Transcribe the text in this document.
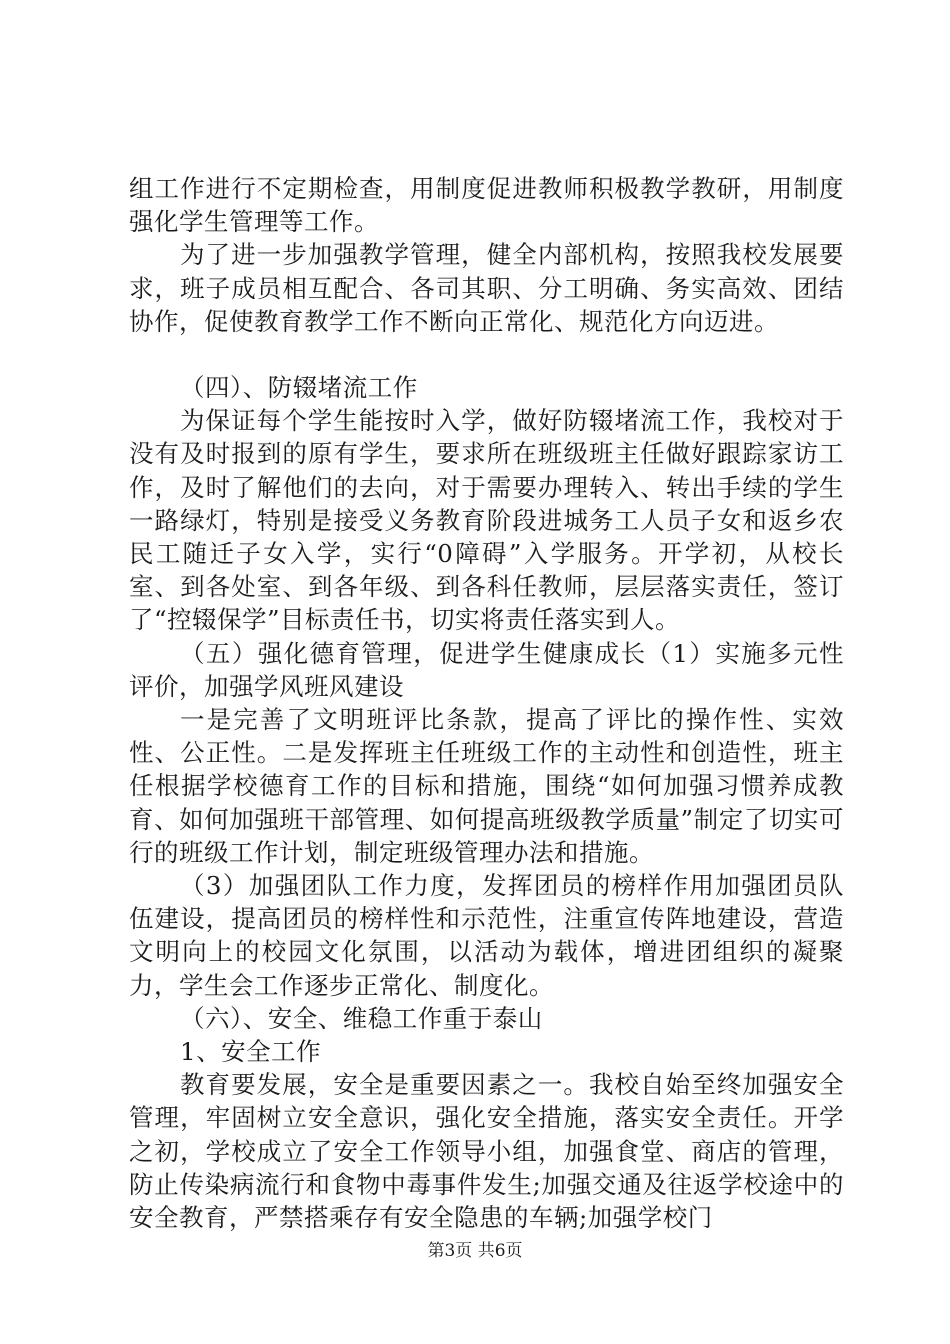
组工作进行不定期检查，用制度促进教师积极教学教研，用制度强化学生管理等工作。

为了进一步加强教学管理，健全内部机构，按照我校发展要求，班子成员相互配合、各司其职、分工明确、务实高效、团结协作，促使教育教学工作不断向正常化、规范化方向迈进。

（四）、防辍堵流工作

为保证每个学生能按时入学，做好防辍堵流工作，我校对于没有及时报到的原有学生，要求所在班级班主任做好跟踪家访工作，及时了解他们的去向，对于需要办理转入、转出手续的学生一路绿灯，特别是接受义务教育阶段进城务工人员子女和返乡农民工随迁子女入学，实行“0障碍”入学服务。开学初，从校长室、到各处室、到各年级、到各科任教师，层层落实责任，签订了“控辍保学”目标责任书，切实将责任落实到人。

（五）强化德育管理，促进学生健康成长（1）实施多元性评价，加强学风班风建设

一是完善了文明班评比条款，提高了评比的操作性、实效性、公正性。二是发挥班主任班级工作的主动性和创造性，班主任根据学校德育工作的目标和措施，围绕“如何加强习惯养成教育、如何加强班干部管理、如何提高班级教学质量”制定了切实可行的班级工作计划，制定班级管理办法和措施。

（3）加强团队工作力度，发挥团员的榜样作用加强团员队伍建设，提高团员的榜样性和示范性，注重宣传阵地建设，营造文明向上的校园文化氛围，以活动为载体，增进团组织的凝聚力，学生会工作逐步正常化、制度化。

（六）、安全、维稳工作重于泰山

1、安全工作

教育要发展，安全是重要因素之一。我校自始至终加强安全管理，牢固树立安全意识，强化安全措施，落实安全责任。开学之初，学校成立了安全工作领导小组，加强食堂、商店的管理，防止传染病流行和食物中毒事件发生;加强交通及往返学校途中的安全教育，严禁搭乘存有安全隐患的车辆;加强学校门

第3页 共6页
